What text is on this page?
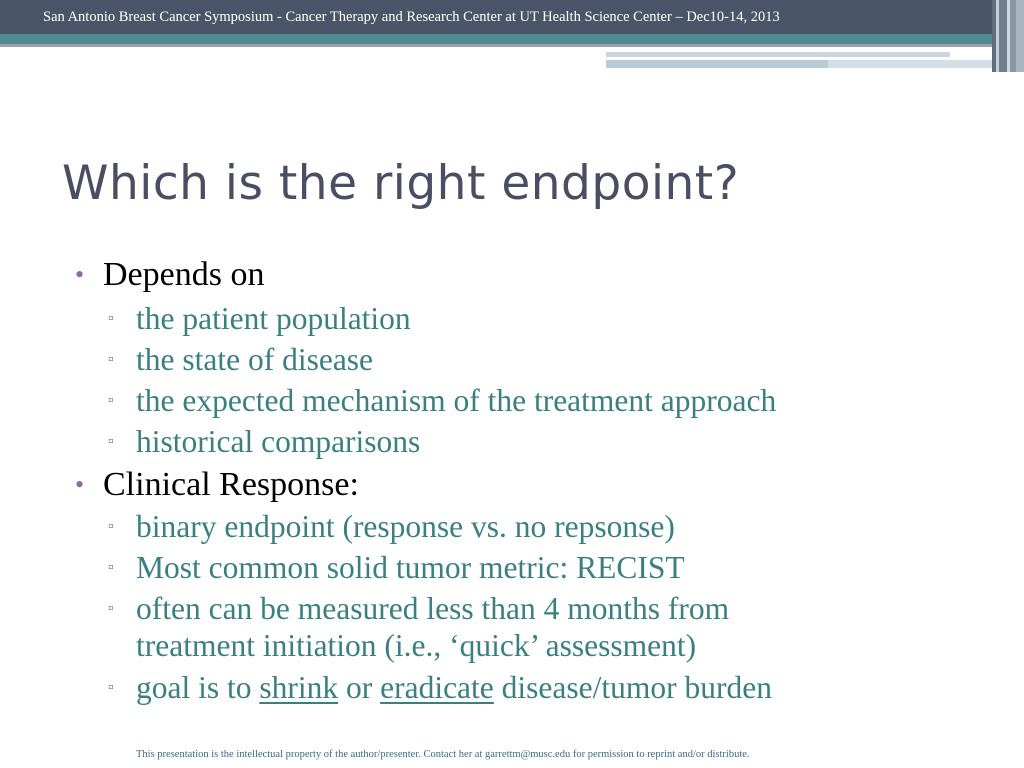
San Antonio Breast Cancer Symposium - Cancer Therapy and Research Center at UT Health Science Center – Dec10-14, 2013
Which is the right endpoint?
• Depends on
▫ the patient population
▫ the state of disease
▫ the expected mechanism of the treatment approach
▫ historical comparisons
• Clinical Response:
▫ binary endpoint (response vs. no repsonse)
▫ Most common solid tumor metric: RECIST
▫ often can be measured less than 4 months from
treatment initiation (i.e., ‘quick’ assessment)
▫ goal is to shrink or eradicate disease/tumor burden
This presentation is the intellectual property of the author/presenter. Contact her at garrettm@musc.edu for permission to reprint and/or distribute.
